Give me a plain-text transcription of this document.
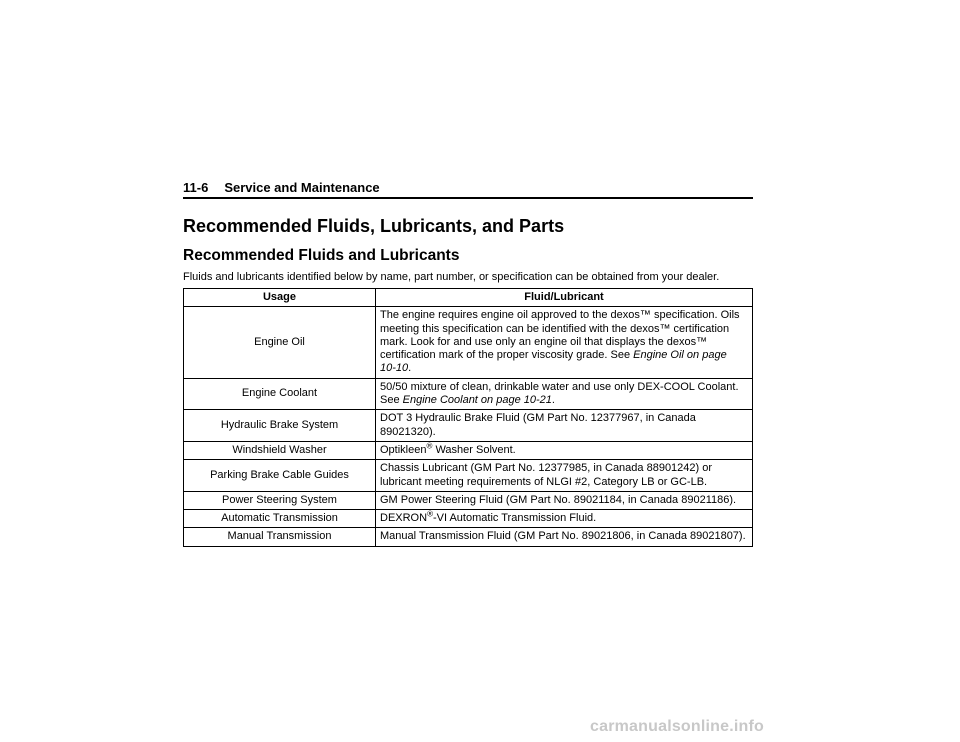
11-6 Service and Maintenance
Recommended Fluids, Lubricants, and Parts
Recommended Fluids and Lubricants
Fluids and lubricants identified below by name, part number, or specification can be obtained from your dealer.
Usage	Fluid/Lubricant
Engine Oil	The engine requires engine oil approved to the dexos™ specification. Oils meeting this specification can be identified with the dexos™ certification mark. Look for and use only an engine oil that displays the dexos™ certification mark of the proper viscosity grade. See Engine Oil on page 10‑10.
Engine Coolant	50/50 mixture of clean, drinkable water and use only DEX-COOL Coolant. See Engine Coolant on page 10‑21.
Hydraulic Brake System	DOT 3 Hydraulic Brake Fluid (GM Part No. 12377967, in Canada 89021320).
Windshield Washer	Optikleen® Washer Solvent.
Parking Brake Cable Guides	Chassis Lubricant (GM Part No. 12377985, in Canada 88901242) or lubricant meeting requirements of NLGI #2, Category LB or GC-LB.
Power Steering System	GM Power Steering Fluid (GM Part No. 89021184, in Canada 89021186).
Automatic Transmission	DEXRON®-VI Automatic Transmission Fluid.
Manual Transmission	Manual Transmission Fluid (GM Part No. 89021806, in Canada 89021807).
carmanualsonline.info
